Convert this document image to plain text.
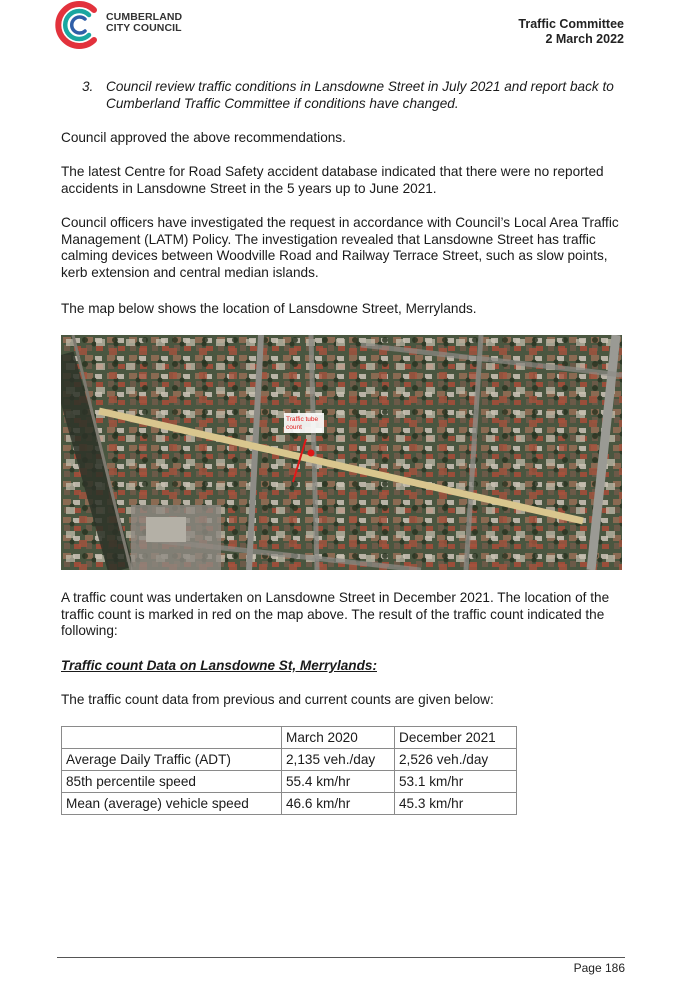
CUMBERLAND
CITY COUNCIL	Traffic Committee
2 March 2022
3. Council review traffic conditions in Lansdowne Street in July 2021 and report back to Cumberland Traffic Committee if conditions have changed.

Council approved the above recommendations.

The latest Centre for Road Safety accident database indicated that there were no reported accidents in Lansdowne Street in the 5 years up to June 2021.

Council officers have investigated the request in accordance with Council’s Local Area Traffic Management (LATM) Policy. The investigation revealed that Lansdowne Street has traffic calming devices between Woodville Road and Railway Terrace Street, such as slow points, kerb extension and central median islands.

The map below shows the location of Lansdowne Street, Merrylands.

Traffic tube
count

A traffic count was undertaken on Lansdowne Street in December 2021. The location of the traffic count is marked in red on the map above. The result of the traffic count indicated the following:

Traffic count Data on Lansdowne St, Merrylands:

The traffic count data from previous and current counts are given below:

	March 2020	December 2021
Average Daily Traffic (ADT)	2,135 veh./day	2,526 veh./day
85th percentile speed	55.4 km/hr	53.1 km/hr
Mean (average) vehicle speed	46.6 km/hr	45.3 km/hr
Page 186
